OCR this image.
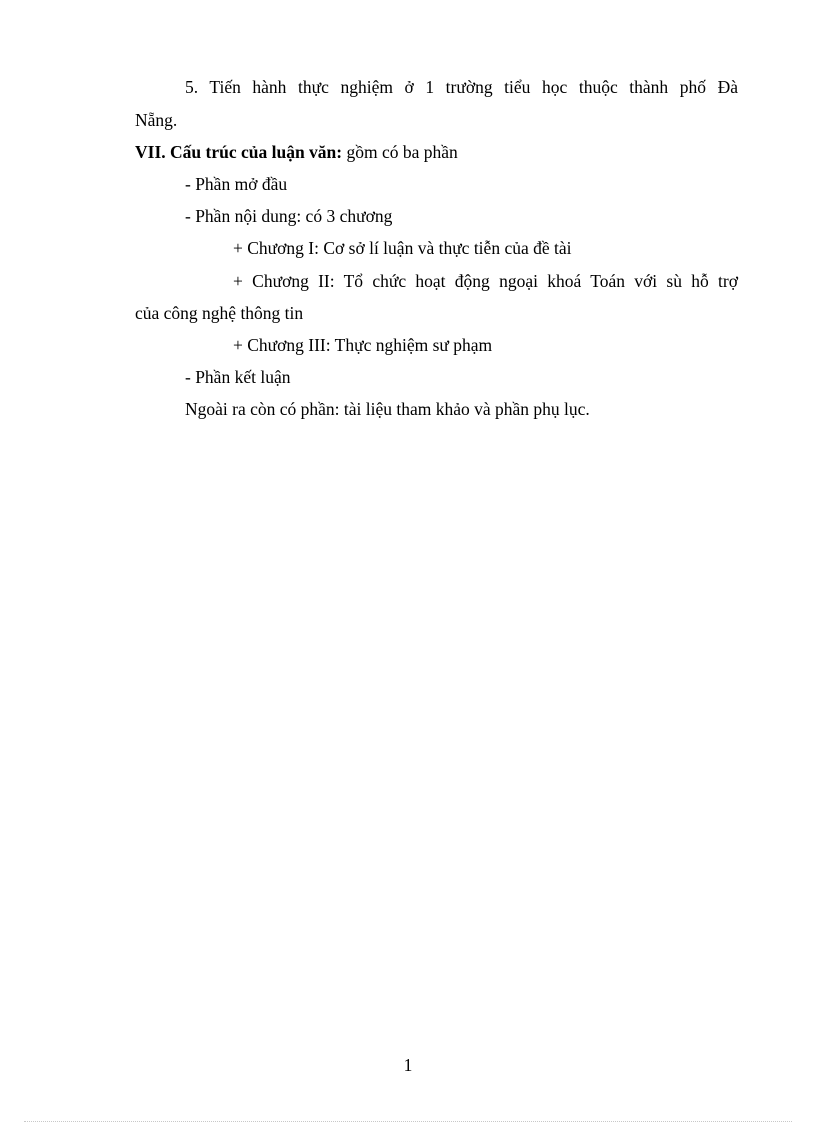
5. Tiến hành thực nghiệm ở 1 trường tiểu học thuộc thành phố Đà
Nẵng.
VII. Cấu trúc của luận văn: gồm có ba phần
- Phần mở đầu
- Phần nội dung: có 3 chương
+ Chương I: Cơ sở lí luận và thực tiễn của đề tài
+ Chương II: Tổ chức hoạt động ngoại khoá Toán với sù hỗ trợ
của công nghệ thông tin
+ Chương III: Thực nghiệm sư phạm
- Phần kết luận
Ngoài ra còn có phần: tài liệu tham khảo và phần phụ lục.
1
